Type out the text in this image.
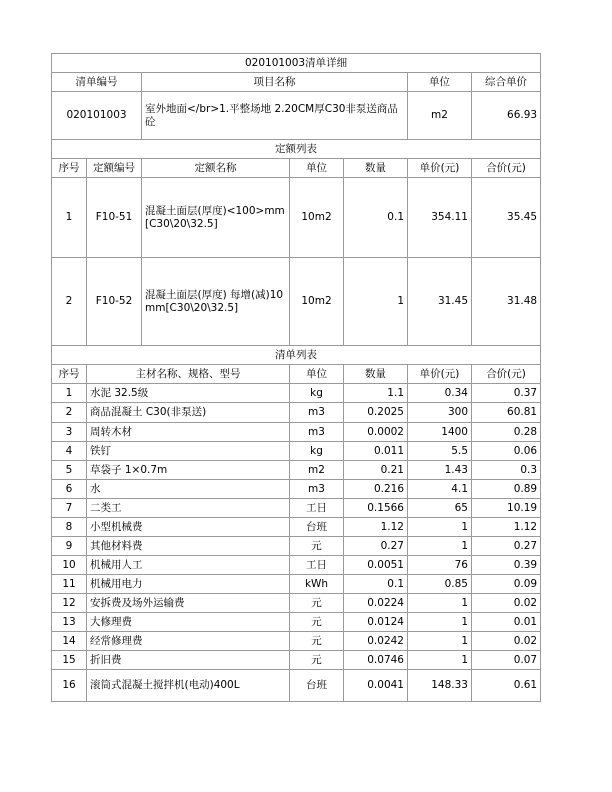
020101003清单详细						
清单编号		项目名称			单位	综合单价
020101003		室外地面</br>1.平整场地 2.20CM厚C30非泵送商品砼			m2	66.93
定额列表						
序号	定额编号	定额名称	单位	数量	单价(元)	合价(元)
1	F10-51	混凝土面层(厚度)<100>mm[C30\20\32.5]	10m2	0.1	354.11	35.45
2	F10-52	混凝土面层(厚度) 每增(减)10mm[C30\20\32.5]	10m2	1	31.45	31.48
清单列表						
序号	主材名称、规格、型号		单位	数量	单价(元)	合价(元)
1	水泥 32.5级		kg	1.1	0.34	0.37
2	商品混凝土 C30(非泵送)		m3	0.2025	300	60.81
3	周转木材		m3	0.0002	1400	0.28
4	铁钉		kg	0.011	5.5	0.06
5	草袋子 1×0.7m		m2	0.21	1.43	0.3
6	水		m3	0.216	4.1	0.89
7	二类工		工日	0.1566	65	10.19
8	小型机械费		台班	1.12	1	1.12
9	其他材料费		元	0.27	1	0.27
10	机械用人工		工日	0.0051	76	0.39
11	机械用电力		kWh	0.1	0.85	0.09
12	安拆费及场外运输费		元	0.0224	1	0.02
13	大修理费		元	0.0124	1	0.01
14	经常修理费		元	0.0242	1	0.02
15	折旧费		元	0.0746	1	0.07
16	滚筒式混凝土搅拌机(电动)400L		台班	0.0041	148.33	0.61
